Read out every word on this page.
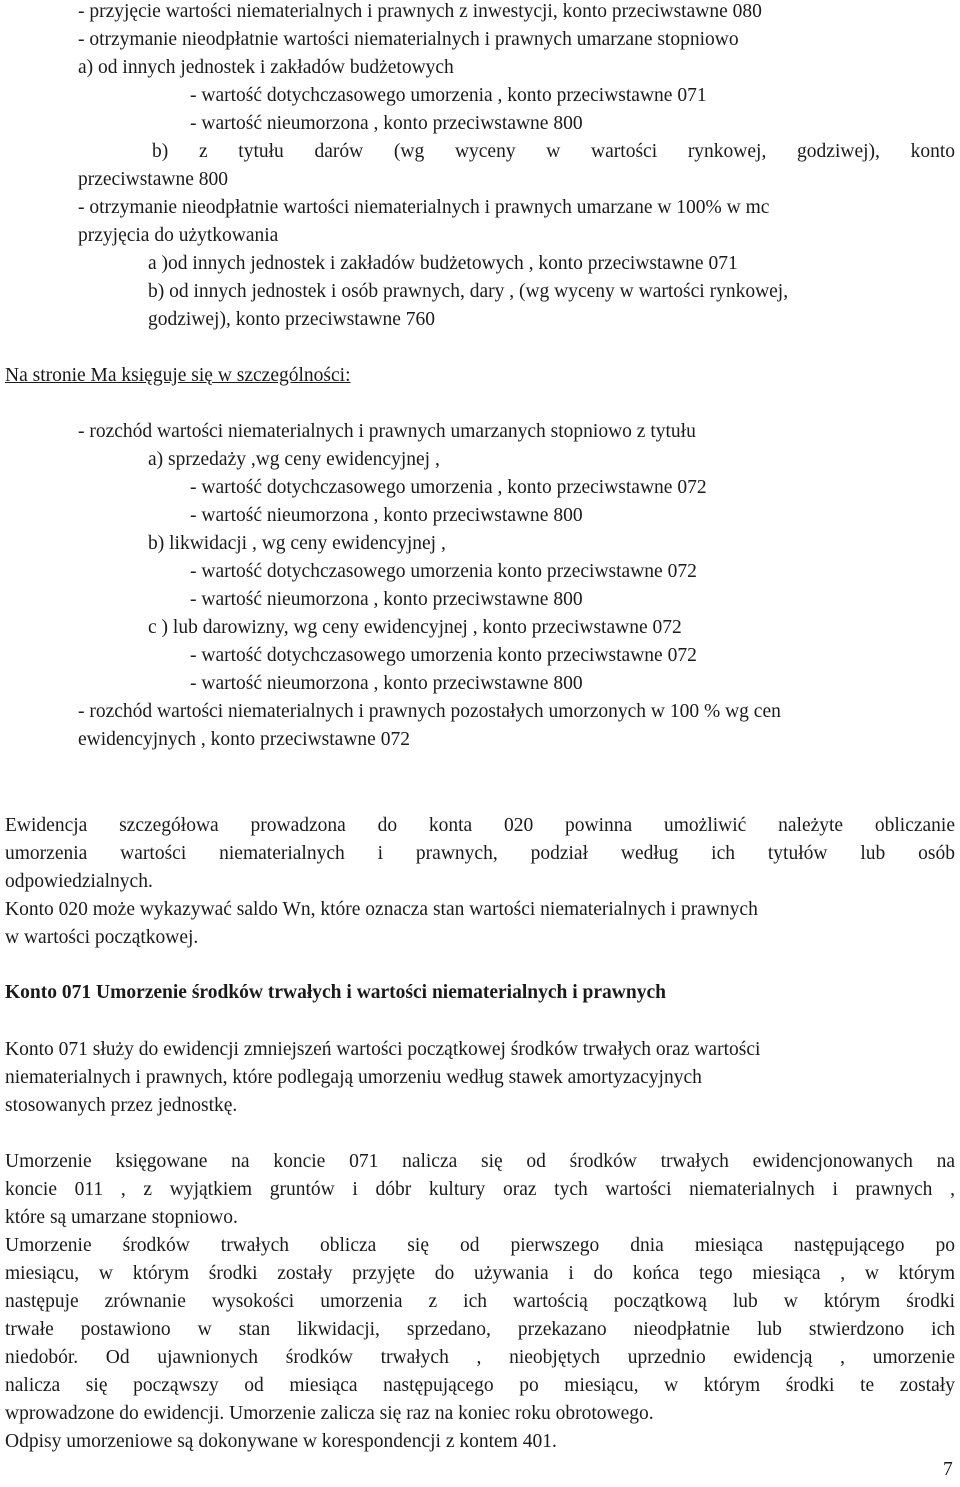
- przyjęcie wartości niematerialnych i prawnych z inwestycji, konto przeciwstawne 080
- otrzymanie nieodpłatnie wartości niematerialnych i prawnych umarzane stopniowo
a) od innych jednostek i zakładów budżetowych
- wartość dotychczasowego umorzenia , konto przeciwstawne 071
- wartość nieumorzona , konto przeciwstawne 800
b) z tytułu darów (wg wyceny w wartości rynkowej, godziwej), konto
przeciwstawne 800
- otrzymanie nieodpłatnie wartości niematerialnych i prawnych umarzane w 100% w mc
przyjęcia do użytkowania
a )od innych jednostek i zakładów budżetowych , konto przeciwstawne 071
b) od innych jednostek i osób prawnych, dary , (wg wyceny w wartości rynkowej,
godziwej), konto przeciwstawne 760
Na stronie Ma księguje się w szczególności:
- rozchód wartości niematerialnych i prawnych umarzanych stopniowo z tytułu
a) sprzedaży ,wg ceny ewidencyjnej ,
- wartość dotychczasowego umorzenia , konto przeciwstawne 072
- wartość nieumorzona , konto przeciwstawne 800
b) likwidacji , wg ceny ewidencyjnej ,
- wartość dotychczasowego umorzenia konto przeciwstawne 072
- wartość nieumorzona , konto przeciwstawne 800
c ) lub darowizny, wg ceny ewidencyjnej , konto przeciwstawne 072
- wartość dotychczasowego umorzenia konto przeciwstawne 072
- wartość nieumorzona , konto przeciwstawne 800
- rozchód wartości niematerialnych i prawnych pozostałych umorzonych w 100 % wg cen
ewidencyjnych , konto przeciwstawne 072
Ewidencja szczegółowa prowadzona do konta 020 powinna umożliwić należyte obliczanie
umorzenia wartości niematerialnych i prawnych, podział według ich tytułów lub osób
odpowiedzialnych.
Konto 020 może wykazywać saldo Wn, które oznacza stan wartości niematerialnych i prawnych
w wartości początkowej.
Konto 071 Umorzenie środków trwałych i wartości niematerialnych i prawnych
Konto 071 służy do ewidencji zmniejszeń wartości początkowej środków trwałych oraz wartości
niematerialnych i prawnych, które podlegają umorzeniu według stawek amortyzacyjnych
stosowanych przez jednostkę.
Umorzenie księgowane na koncie 071 nalicza się od środków trwałych ewidencjonowanych na
koncie 011 , z wyjątkiem gruntów i dóbr kultury oraz tych wartości niematerialnych i prawnych ,
które są umarzane stopniowo.
Umorzenie środków trwałych oblicza się od pierwszego dnia miesiąca następującego po
miesiącu, w którym środki zostały przyjęte do używania i do końca tego miesiąca , w którym
następuje zrównanie wysokości umorzenia z ich wartością początkową lub w którym środki
trwałe postawiono w stan likwidacji, sprzedano, przekazano nieodpłatnie lub stwierdzono ich
niedobór. Od ujawnionych środków trwałych , nieobjętych uprzednio ewidencją , umorzenie
nalicza się począwszy od miesiąca następującego po miesiącu, w którym środki te zostały
wprowadzone do ewidencji. Umorzenie zalicza się raz na koniec roku obrotowego.
Odpisy umorzeniowe są dokonywane w korespondencji z kontem 401.
7
